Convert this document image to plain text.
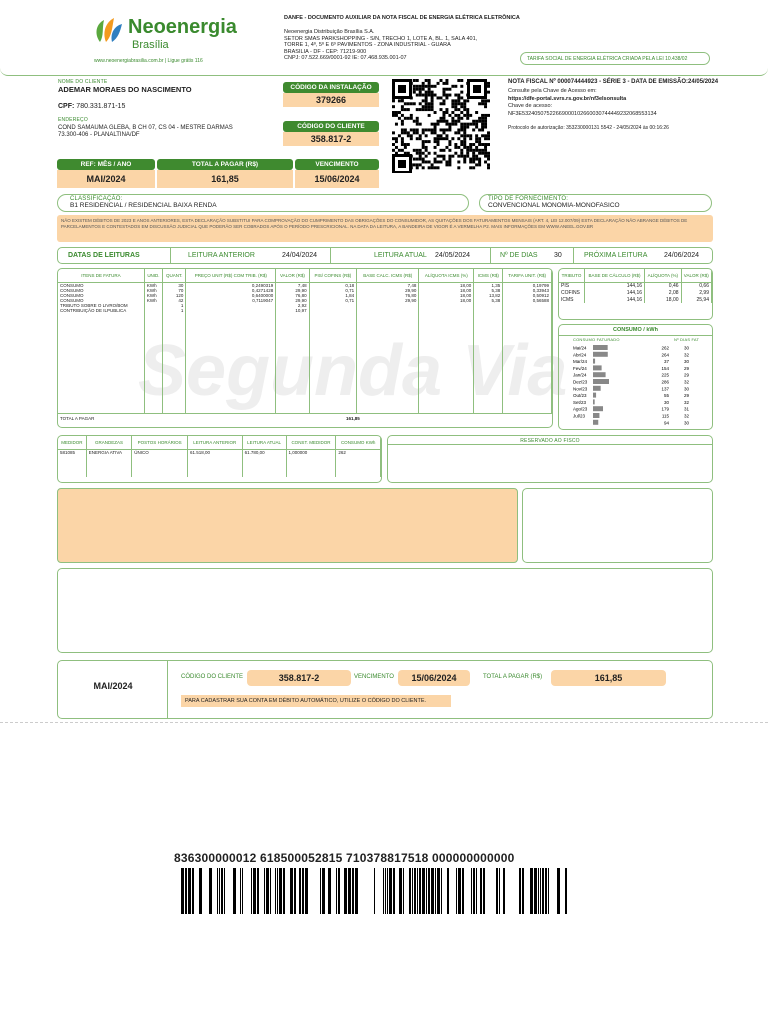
Neoenergia
Brasília
www.neoenergiabrasilia.com.br | Ligue grátis 116
DANFE - DOCUMENTO AUXILIAR DA NOTA FISCAL DE ENERGIA ELÉTRICA ELETRÔNICA
Neoenergia Distribuição Brasília S.A.
SETOR SMAS PARKSHOPPING - S/N, TRECHO 1, LOTE A, BL. 1, SALA 401,
TORRE 1, 4º, 5º E 6º PAVIMENTOS - ZONA INDUSTRIAL - GUARA
BRASILIA - DF - CEP: 71219-900
CNPJ: 07.522.669/0001-92 IE: 07.468.935.001-07	TARIFA SOCIAL DE ENERGIA ELÉTRICA CRIADA PELA LEI 10.438/02
NOME DO CLIENTE
ADEMAR MORAES DO NASCIMENTO
CPF: 780.331.871-15
ENDEREÇO
COND SAMAUMA GLEBA, B CH 07, CS 04 - MESTRE DARMAS
73.300-406 - PLANALTINA/DF
CÓDIGO DA INSTALAÇÃO
379266
CÓDIGO DO CLIENTE
358.817-2
NOTA FISCAL Nº 000074444923 - SÉRIE 3 - DATA DE EMISSÃO:24/05/2024
Consulte pela Chave de Acesso em:
https://dfe-portal.svrs.rs.gov.br/nf3elsonsulta
Chave de acesso:
NF3E53240507522669000102660030744449232068553134
Protocolo de autorização: 353230000131 5542 - 24/05/2024 às 00:16:26
REF: MÊS / ANO	TOTAL A PAGAR (R$)	VENCIMENTO
MAI/2024	161,85	15/06/2024
CLASSIFICAÇÃO:
B1 RESIDENCIAL / RESIDENCIAL BAIXA RENDA
TIPO DE FORNECIMENTO:
CONVENCIONAL MONOMIA-MONOFASICO
NÃO EXISTEM DÉBITOS DE 2023 E ANOS ANTERIORES, ESTA DECLARAÇÃO SUBSTITUI PARA COMPROVAÇÃO DO CUMPRIMENTO DAS OBRIGAÇÕES DO CONSUMIDOR, AS QUITAÇÕES DOS FATURAMENTOS MENSAIS (ART. 4, LEI 12.007/09) ESTA DECLARAÇÃO NÃO ABRANGE DÉBITOS DE PARCELAMENTOS E CONTESTADOS EM DISCUSSÃO JUDICIAL QUE PODERÃO SER COBRADOS APÓS O PERÍODO PRESCRICIONAL. NA DATA DA LEITURA, A BANDEIRA DE VIGOR É A VERMELHA P2. MAIS INFORMAÇÕES EM WWW.ANEEL.GOV.BR
DATAS DE LEITURAS	LEITURA ANTERIOR	24/04/2024	LEITURA ATUAL 24/05/2024	Nº DE DIAS 30	PRÓXIMA LEITURA 24/06/2024
Segunda Via
ITENS DE FATURA	UNID.	QUANT.	PREÇO UNIT (R$) COM TRIB. (R$)	VALOR (R$)	PIS/ COFINS (R$)	BASE CALC. ICMS (R$)	ALÍQUOTA ICMS (%)	ICMS (R$)	TARIFA UNIT. (R$)
CONSUMO	KWh	30	0,2490319	7,48	0,18	7,48	18,00	1,35	0,19799
CONSUMO	KWh	70	0,4271428	29,90	0,71	29,90	18,00	5,38	0,33943
CONSUMO	KWh	120	0,6400000	76,80	1,84	76,80	18,00	13,82	0,50912
CONSUMO	KWh	42	0,7119047	29,90	0,71	29,90	18,00	5,38	0,56588
TRIBUTO SOBRE O LIVRO/BOM		1		2,92					
CONTRIBUIÇÃO DE ILPUBLICA		1		10,97					

TOTAL A PAGAR	161,85
TRIBUTO	BASE DE CÁLCULO (R$)	ALÍQUOTA (%)	VALOR (R$)
PIS	144,16	0,46	0,66
COFINS	144,16	2,08	2,99
ICMS	144,16	18,00	25,94
CONSUMO / kWh
CONSUMO FATURADO	Nº DIAS FAT
Mai/24	262	30
Abr/24	264	32
Mar/24	37	30
Fev/24	154	29
Jan/24	225	29
Dez/23	286	32
Nov/23	137	30
Out/23	55	29
Set/23	30	32
Ago/23	179	31
Jul/23	115	32
94	30
MEDIDOR	GRANDEZAS	POSTOS HORÁRIOS	LEITURA ANTERIOR	LEITURA ATUAL	CONST. MEDIDOR	CONSUMO KWh
581085	ENERGIA ATIVA	ÚNICO	61.518,00	61.780,00	1,000000	262
RESERVADO AO FISCO
MAI/2024
CÓDIGO DO CLIENTE	358.817-2	VENCIMENTO	15/06/2024	TOTAL A PAGAR (R$)	161,85
PARA CADASTRAR SUA CONTA EM DÉBITO AUTOMÁTICO, UTILIZE O CÓDIGO DO CLIENTE.
836300000012 618500052815 710378817518 000000000000
